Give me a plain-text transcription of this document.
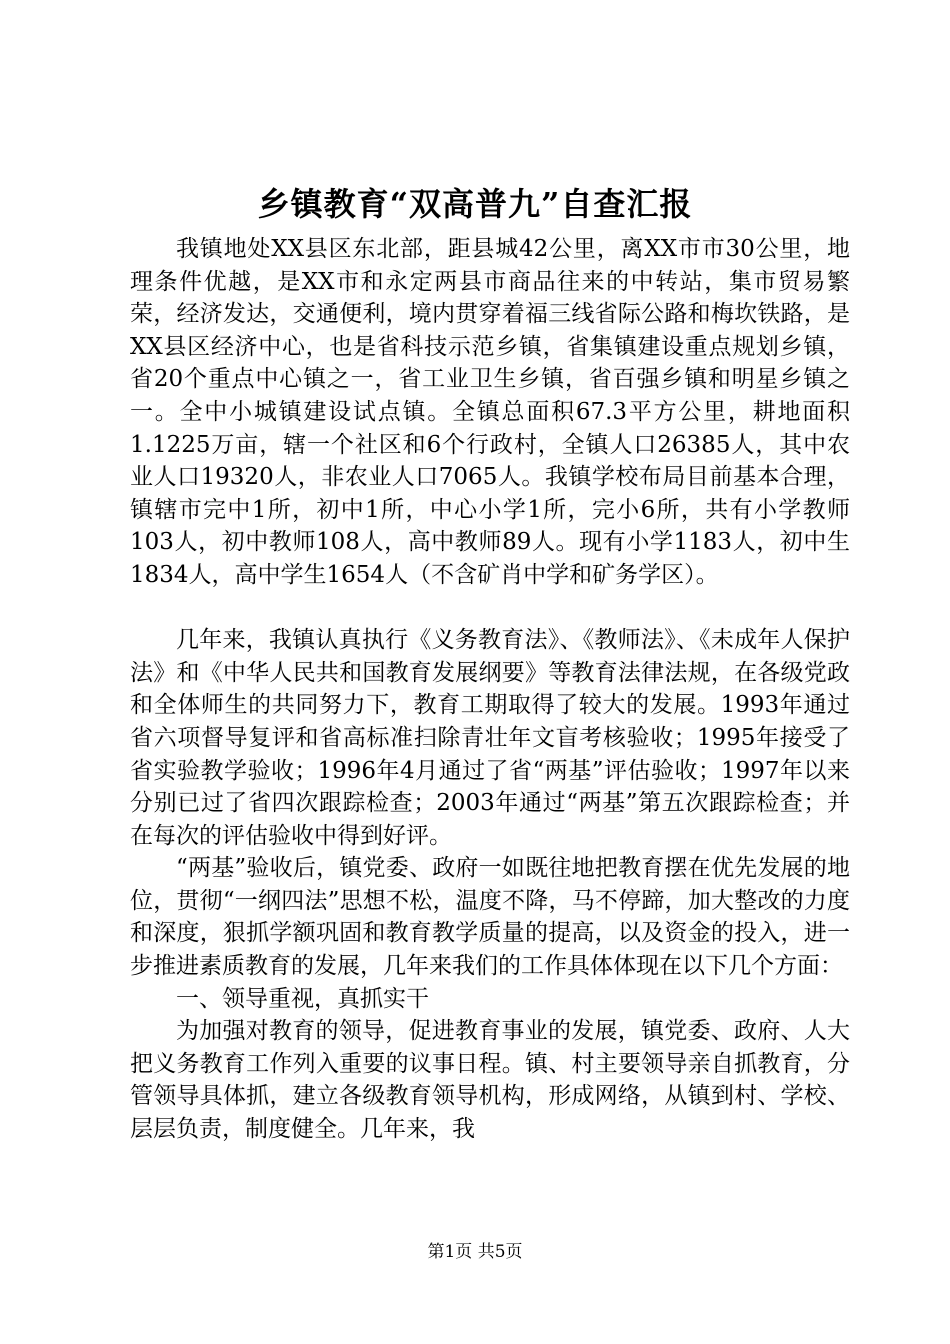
乡镇教育“双高普九”自查汇报

我镇地处XX县区东北部，距县城42公里，离XX市市30公里，地理条件优越，是XX市和永定两县市商品往来的中转站，集市贸易繁荣，经济发达，交通便利，境内贯穿着福三线省际公路和梅坎铁路，是XX县区经济中心，也是省科技示范乡镇，省集镇建设重点规划乡镇，省20个重点中心镇之一，省工业卫生乡镇，省百强乡镇和明星乡镇之一。全中小城镇建设试点镇。全镇总面积67.3平方公里，耕地面积1.1225万亩，辖一个社区和6个行政村，全镇人口26385人，其中农业人口19320人，非农业人口7065人。我镇学校布局目前基本合理，镇辖市完中1所，初中1所，中心小学1所，完小6所，共有小学教师103人，初中教师108人，高中教师89人。现有小学1183人，初中生1834人，高中学生1654人（不含矿肖中学和矿务学区）。

几年来，我镇认真执行《义务教育法》、《教师法》、《未成年人保护法》和《中华人民共和国教育发展纲要》等教育法律法规，在各级党政和全体师生的共同努力下，教育工期取得了较大的发展。1993年通过省六项督导复评和省高标准扫除青壮年文盲考核验收；1995年接受了省实验教学验收；1996年4月通过了省“两基”评估验收；1997年以来分别已过了省四次跟踪检查；2003年通过“两基”第五次跟踪检查；并在每次的评估验收中得到好评。

“两基”验收后，镇党委、政府一如既往地把教育摆在优先发展的地位，贯彻“一纲四法”思想不松，温度不降，马不停蹄，加大整改的力度和深度，狠抓学额巩固和教育教学质量的提高，以及资金的投入，进一步推进素质教育的发展，几年来我们的工作具体体现在以下几个方面：

一、领导重视，真抓实干

为加强对教育的领导，促进教育事业的发展，镇党委、政府、人大把义务教育工作列入重要的议事日程。镇、村主要领导亲自抓教育，分管领导具体抓，建立各级教育领导机构，形成网络，从镇到村、学校、层层负责，制度健全。几年来，我

第1页 共5页
